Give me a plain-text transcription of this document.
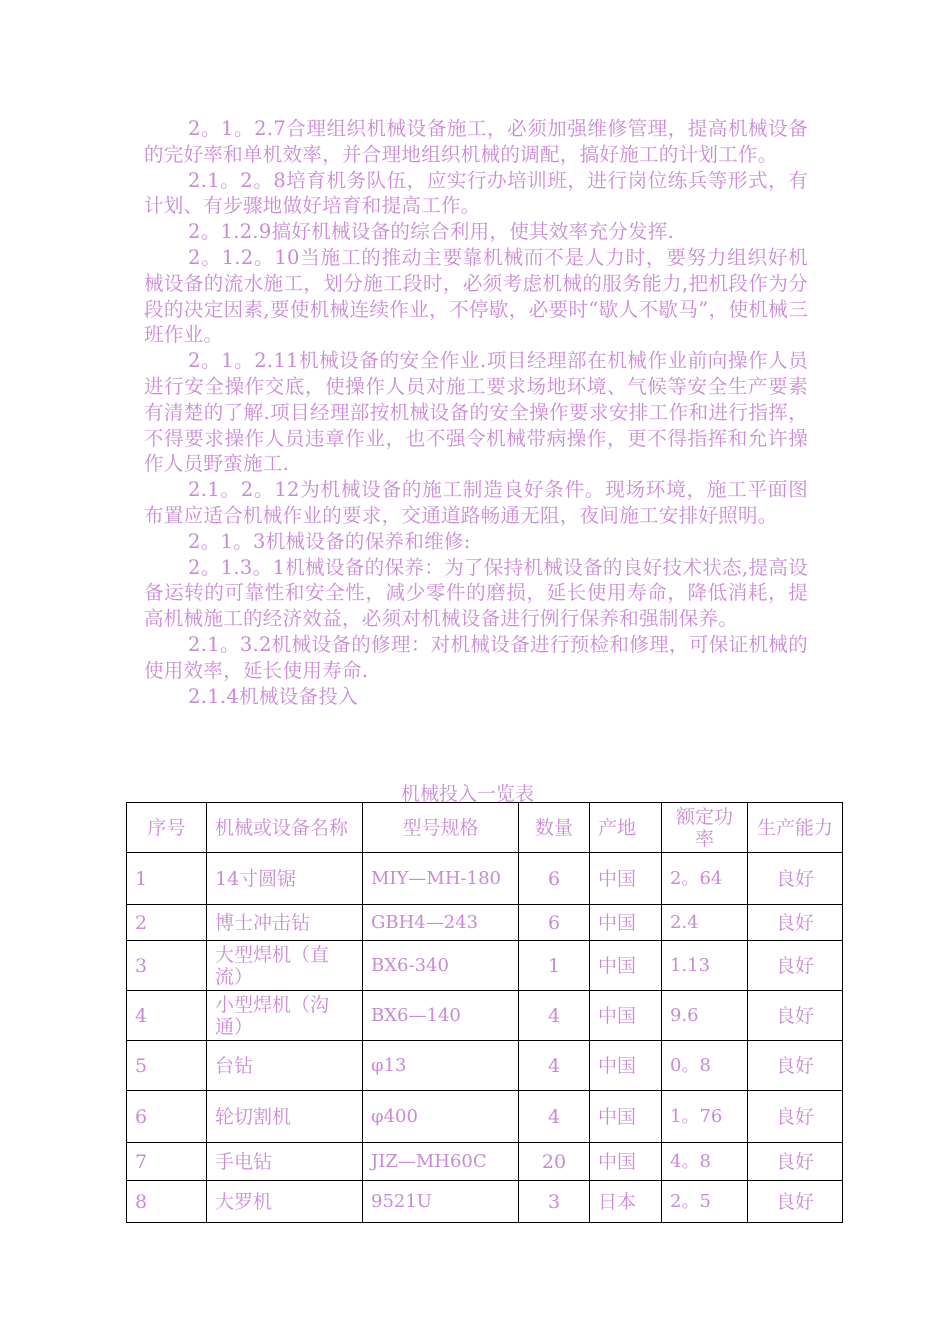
2。1。2.7合理组织机械设备施工，必须加强维修管理，提高机械设备的完好率和单机效率，并合理地组织机械的调配，搞好施工的计划工作。

2.1。2。8培育机务队伍，应实行办培训班，进行岗位练兵等形式，有计划、有步骤地做好培育和提高工作。

2。1.2.9搞好机械设备的综合利用，使其效率充分发挥.

2。1.2。10当施工的推动主要靠机械而不是人力时，要努力组织好机械设备的流水施工，划分施工段时，必须考虑机械的服务能力,把机段作为分段的决定因素,要使机械连续作业，不停歇，必要时“歇人不歇马”，使机械三班作业。

2。1。2.11机械设备的安全作业.项目经理部在机械作业前向操作人员进行安全操作交底，使操作人员对施工要求场地环境、气候等安全生产要素有清楚的了解.项目经理部按机械设备的安全操作要求安排工作和进行指挥，不得要求操作人员违章作业，也不强令机械带病操作，更不得指挥和允许操作人员野蛮施工.

2.1。2。12为机械设备的施工制造良好条件。现场环境，施工平面图布置应适合机械作业的要求，交通道路畅通无阻，夜间施工安排好照明。

2。1。3机械设备的保养和维修:

2。1.3。1机械设备的保养：为了保持机械设备的良好技术状态,提高设备运转的可靠性和安全性，减少零件的磨损，延长使用寿命，降低消耗，提高机械施工的经济效益，必须对机械设备进行例行保养和强制保养。

2.1。3.2机械设备的修理：对机械设备进行预检和修理，可保证机械的使用效率，延长使用寿命.

2.1.4机械设备投入

机械投入一览表
序号	机械或设备名称	型号规格	数量	产地	额定功率	生产能力
1	14寸圆锯	MIY—MH-180	6	中国	2。64	良好
2	博士冲击钻	GBH4—243	6	中国	2.4	良好
3	大型焊机（直流）	BX6-340	1	中国	1.13	良好
4	小型焊机（沟通）	BX6—140	4	中国	9.6	良好
5	台钻	φ13	4	中国	0。8	良好
6	轮切割机	φ400	4	中国	1。76	良好
7	手电钻	JIZ—MH60C	20	中国	4。8	良好
8	大罗机	9521U	3	日本	2。5	良好
